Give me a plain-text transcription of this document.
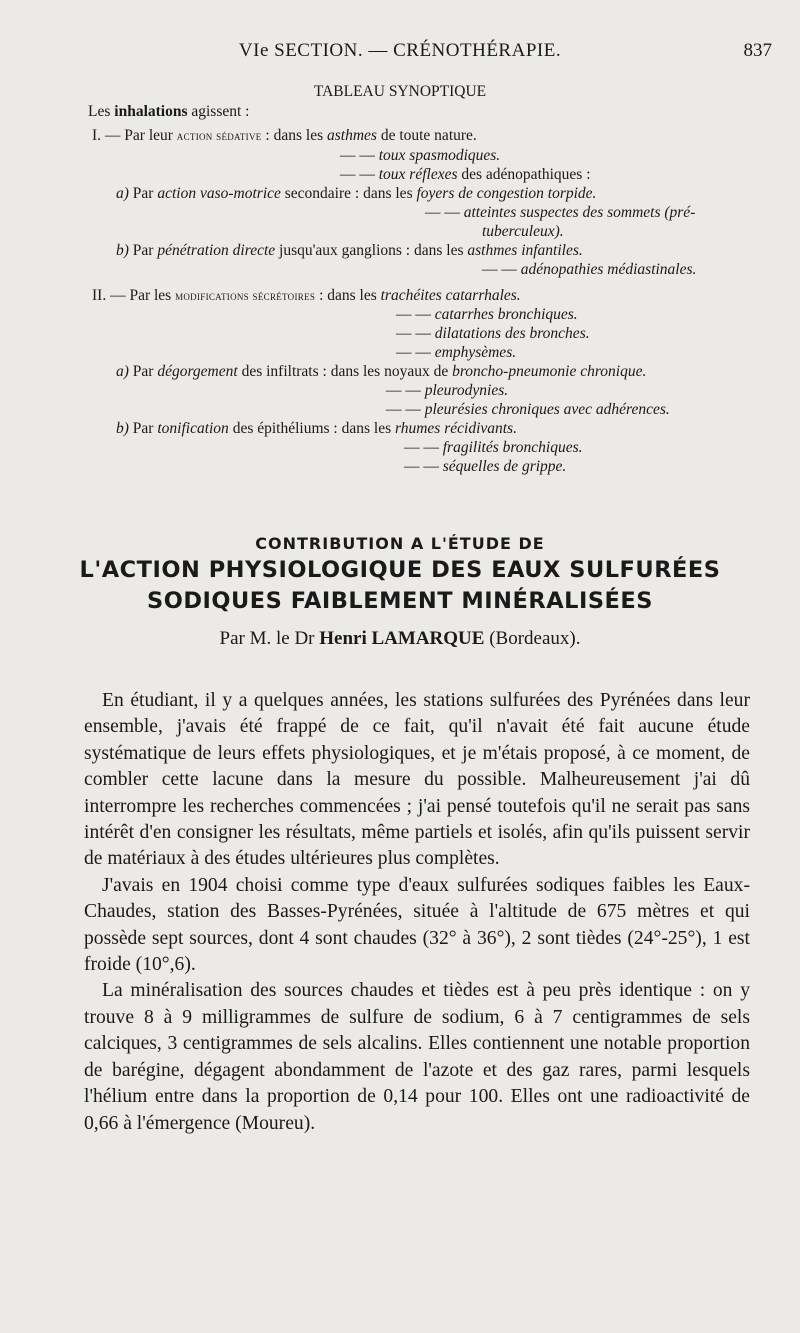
VIe SECTION. — CRÉNOTHÉRAPIE.	837
TABLEAU SYNOPTIQUE
Les inhalations agissent :
I. — Par leur action sédative : dans les asthmes de toute nature.
— — toux spasmodiques.
— — toux réflexes des adénopathiques :
a) Par action vaso-motrice secondaire : dans les foyers de congestion torpide.
— — atteintes suspectes des sommets (pré-
tuberculeux).
b) Par pénétration directe jusqu'aux ganglions : dans les asthmes infantiles.
— — adénopathies médiastinales.
II. — Par les modifications sécrétoires : dans les trachéites catarrhales.
— — catarrhes bronchiques.
— — dilatations des bronches.
— — emphysèmes.
a) Par dégorgement des infiltrats : dans les noyaux de broncho-pneumonie chronique.
— — pleurodynies.
— — pleurésies chroniques avec adhérences.
b) Par tonification des épithéliums : dans les rhumes récidivants.
— — fragilités bronchiques.
— — séquelles de grippe.
CONTRIBUTION A L'ÉTUDE DE
L'ACTION PHYSIOLOGIQUE DES EAUX SULFURÉES
SODIQUES FAIBLEMENT MINÉRALISÉES
Par M. le Dr Henri LAMARQUE (Bordeaux).

En étudiant, il y a quelques années, les stations sulfurées des Pyrénées dans leur ensemble, j'avais été frappé de ce fait, qu'il n'avait été fait aucune étude systématique de leurs effets physiologiques, et je m'étais proposé, à ce moment, de combler cette lacune dans la mesure du possible. Malheureusement j'ai dû interrompre les recherches commencées ; j'ai pensé toutefois qu'il ne serait pas sans intérêt d'en consigner les résultats, même partiels et isolés, afin qu'ils puissent servir de matériaux à des études ultérieures plus complètes.

J'avais en 1904 choisi comme type d'eaux sulfurées sodiques faibles les Eaux-Chaudes, station des Basses-Pyrénées, située à l'altitude de 675 mètres et qui possède sept sources, dont 4 sont chaudes (32° à 36°), 2 sont tièdes (24°-25°), 1 est froide (10°,6).

La minéralisation des sources chaudes et tièdes est à peu près identique : on y trouve 8 à 9 milligrammes de sulfure de sodium, 6 à 7 centigrammes de sels calciques, 3 centigrammes de sels alcalins. Elles contiennent une notable proportion de barégine, dégagent abondamment de l'azote et des gaz rares, parmi lesquels l'hélium entre dans la proportion de 0,14 pour 100. Elles ont une radioactivité de 0,66 à l'émergence (Moureu).
